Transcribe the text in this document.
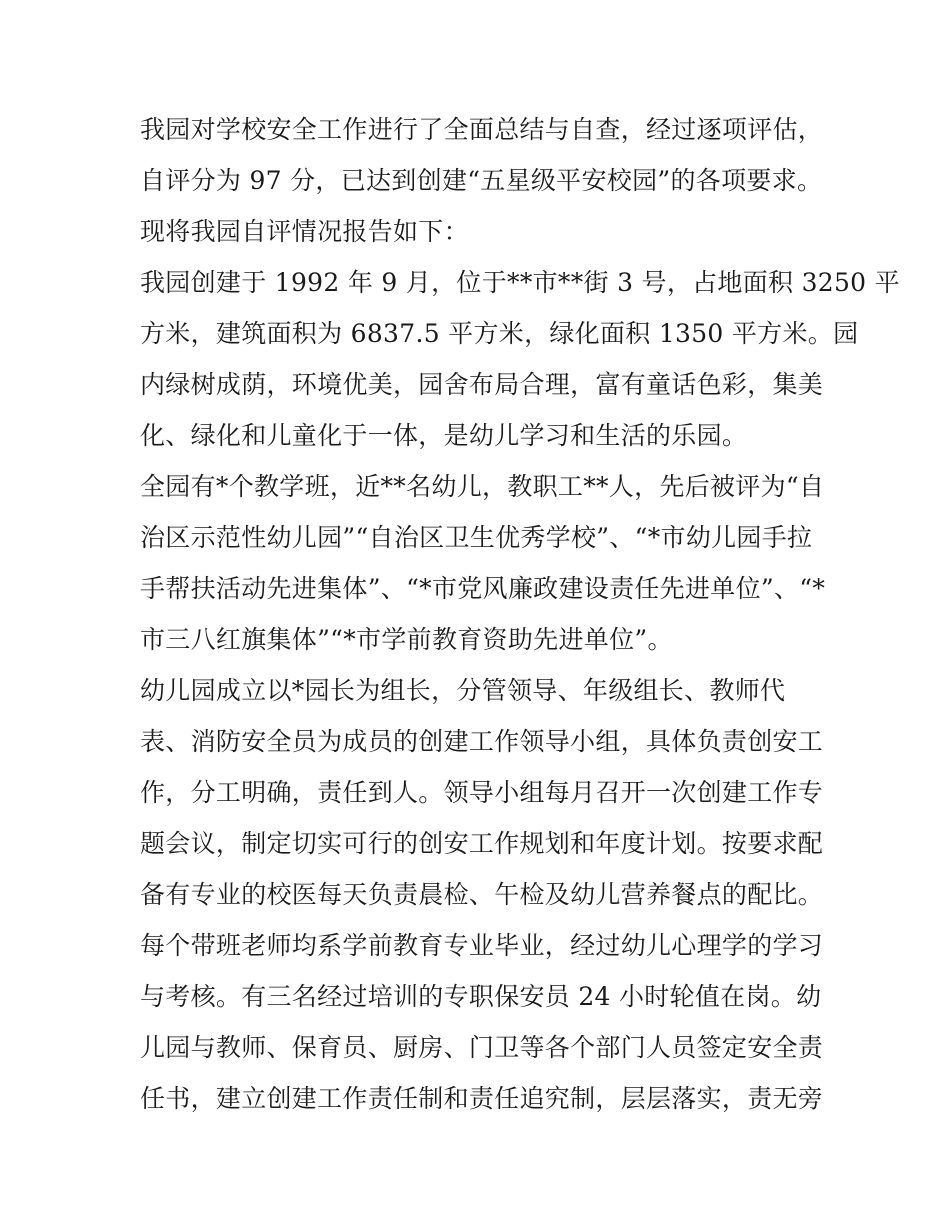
我园对学校安全工作进行了全面总结与自查，经过逐项评估，
自评分为 97 分，已达到创建“五星级平安校园”的各项要求。
现将我园自评情况报告如下：
我园创建于 1992 年 9 月，位于**市**街 3 号，占地面积 3250 平
方米，建筑面积为 6837.5 平方米，绿化面积 1350 平方米。园
内绿树成荫，环境优美，园舍布局合理，富有童话色彩，集美
化、绿化和儿童化于一体，是幼儿学习和生活的乐园。
全园有*个教学班，近**名幼儿，教职工**人，先后被评为“自
治区示范性幼儿园”“自治区卫生优秀学校”、“*市幼儿园手拉
手帮扶活动先进集体”、“*市党风廉政建设责任先进单位”、“*
市三八红旗集体”“*市学前教育资助先进单位”。
幼儿园成立以*园长为组长，分管领导、年级组长、教师代
表、消防安全员为成员的创建工作领导小组，具体负责创安工
作，分工明确，责任到人。领导小组每月召开一次创建工作专
题会议，制定切实可行的创安工作规划和年度计划。按要求配
备有专业的校医每天负责晨检、午检及幼儿营养餐点的配比。
每个带班老师均系学前教育专业毕业，经过幼儿心理学的学习
与考核。有三名经过培训的专职保安员 24 小时轮值在岗。幼
儿园与教师、保育员、厨房、门卫等各个部门人员签定安全责
任书，建立创建工作责任制和责任追究制，层层落实，责无旁
